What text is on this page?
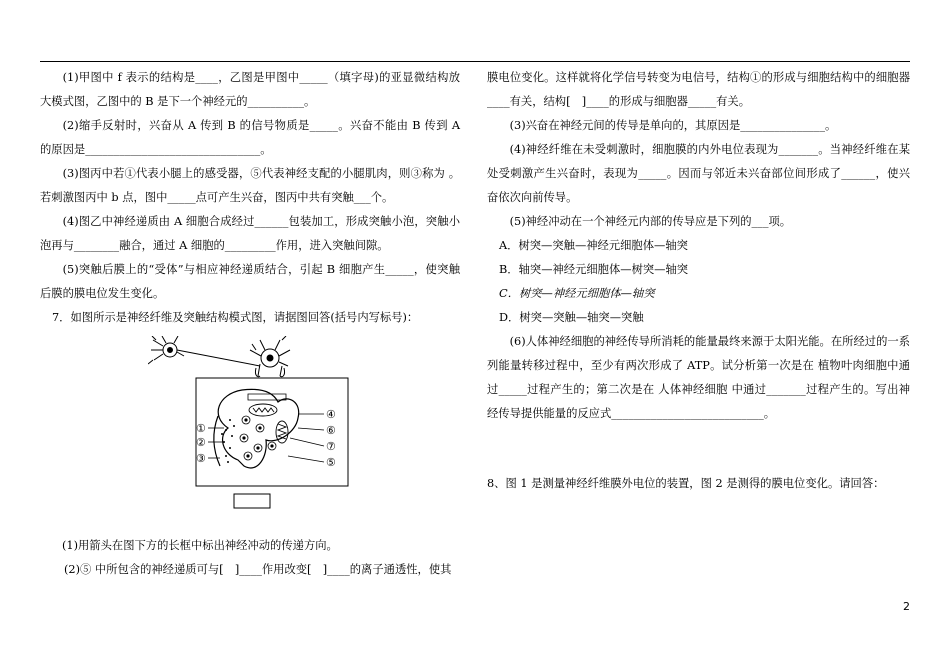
(1)甲图中 f 表示的结构是____，乙图是甲图中_____（填字母)的亚显微结构放大模式图，乙图中的 B 是下一个神经元的__________。

(2)缩手反射时，兴奋从 A 传到 B 的信号物质是_____。兴奋不能由 B 传到 A 的原因是_______________________________。

(3)图丙中若①代表小腿上的感受器，⑤代表神经支配的小腿肌肉，则③称为 。若刺激图丙中 b 点，图中_____点可产生兴奋，图丙中共有突触___个。

(4)图乙中神经递质由 A 细胞合成经过______包装加工，形成突触小泡，突触小泡再与________融合，通过 A 细胞的_________作用，进入突触间隙。

(5)突触后膜上的“受体”与相应神经递质结合，引起 B 细胞产生_____，使突触后膜的膜电位发生变化。

7．如图所示是神经纤维及突触结构模式图，请据图回答(括号内写标号)：

①
②
③
④
⑥
⑦
⑤

(1)用箭头在图下方的长框中标出神经冲动的传递方向。

(2)⑤ 中所包含的神经递质可与[　]____作用改变[　]____的离子通透性，使其

膜电位变化。这样就将化学信号转变为电信号，结构①的形成与细胞结构中的细胞器____有关，结构[　]____的形成与细胞器_____有关。

(3)兴奋在神经元间的传导是单向的，其原因是_______________。

(4)神经纤维在未受刺激时，细胞膜的内外电位表现为_______。当神经纤维在某处受刺激产生兴奋时，表现为_____。因而与邻近未兴奋部位间形成了______，使兴奋依次向前传导。

(5)神经冲动在一个神经元内部的传导应是下列的___项。

A．树突—突触—神经元细胞体—轴突

B．轴突—神经元细胞体—树突—轴突

C．树突—神经元细胞体—轴突

D．树突—突触—轴突—突触

(6)人体神经细胞的神经传导所消耗的能量最终来源于太阳光能。在所经过的一系列能量转移过程中，至少有两次形成了 ATP。试分析第一次是在 植物叶肉细胞中通过_____过程产生的；第二次是在 人体神经细胞 中通过_______过程产生的。写出神经传导提供能量的反应式___________________________。

8、图 1 是测量神经纤维膜外电位的装置，图 2 是测得的膜电位变化。请回答：

2
